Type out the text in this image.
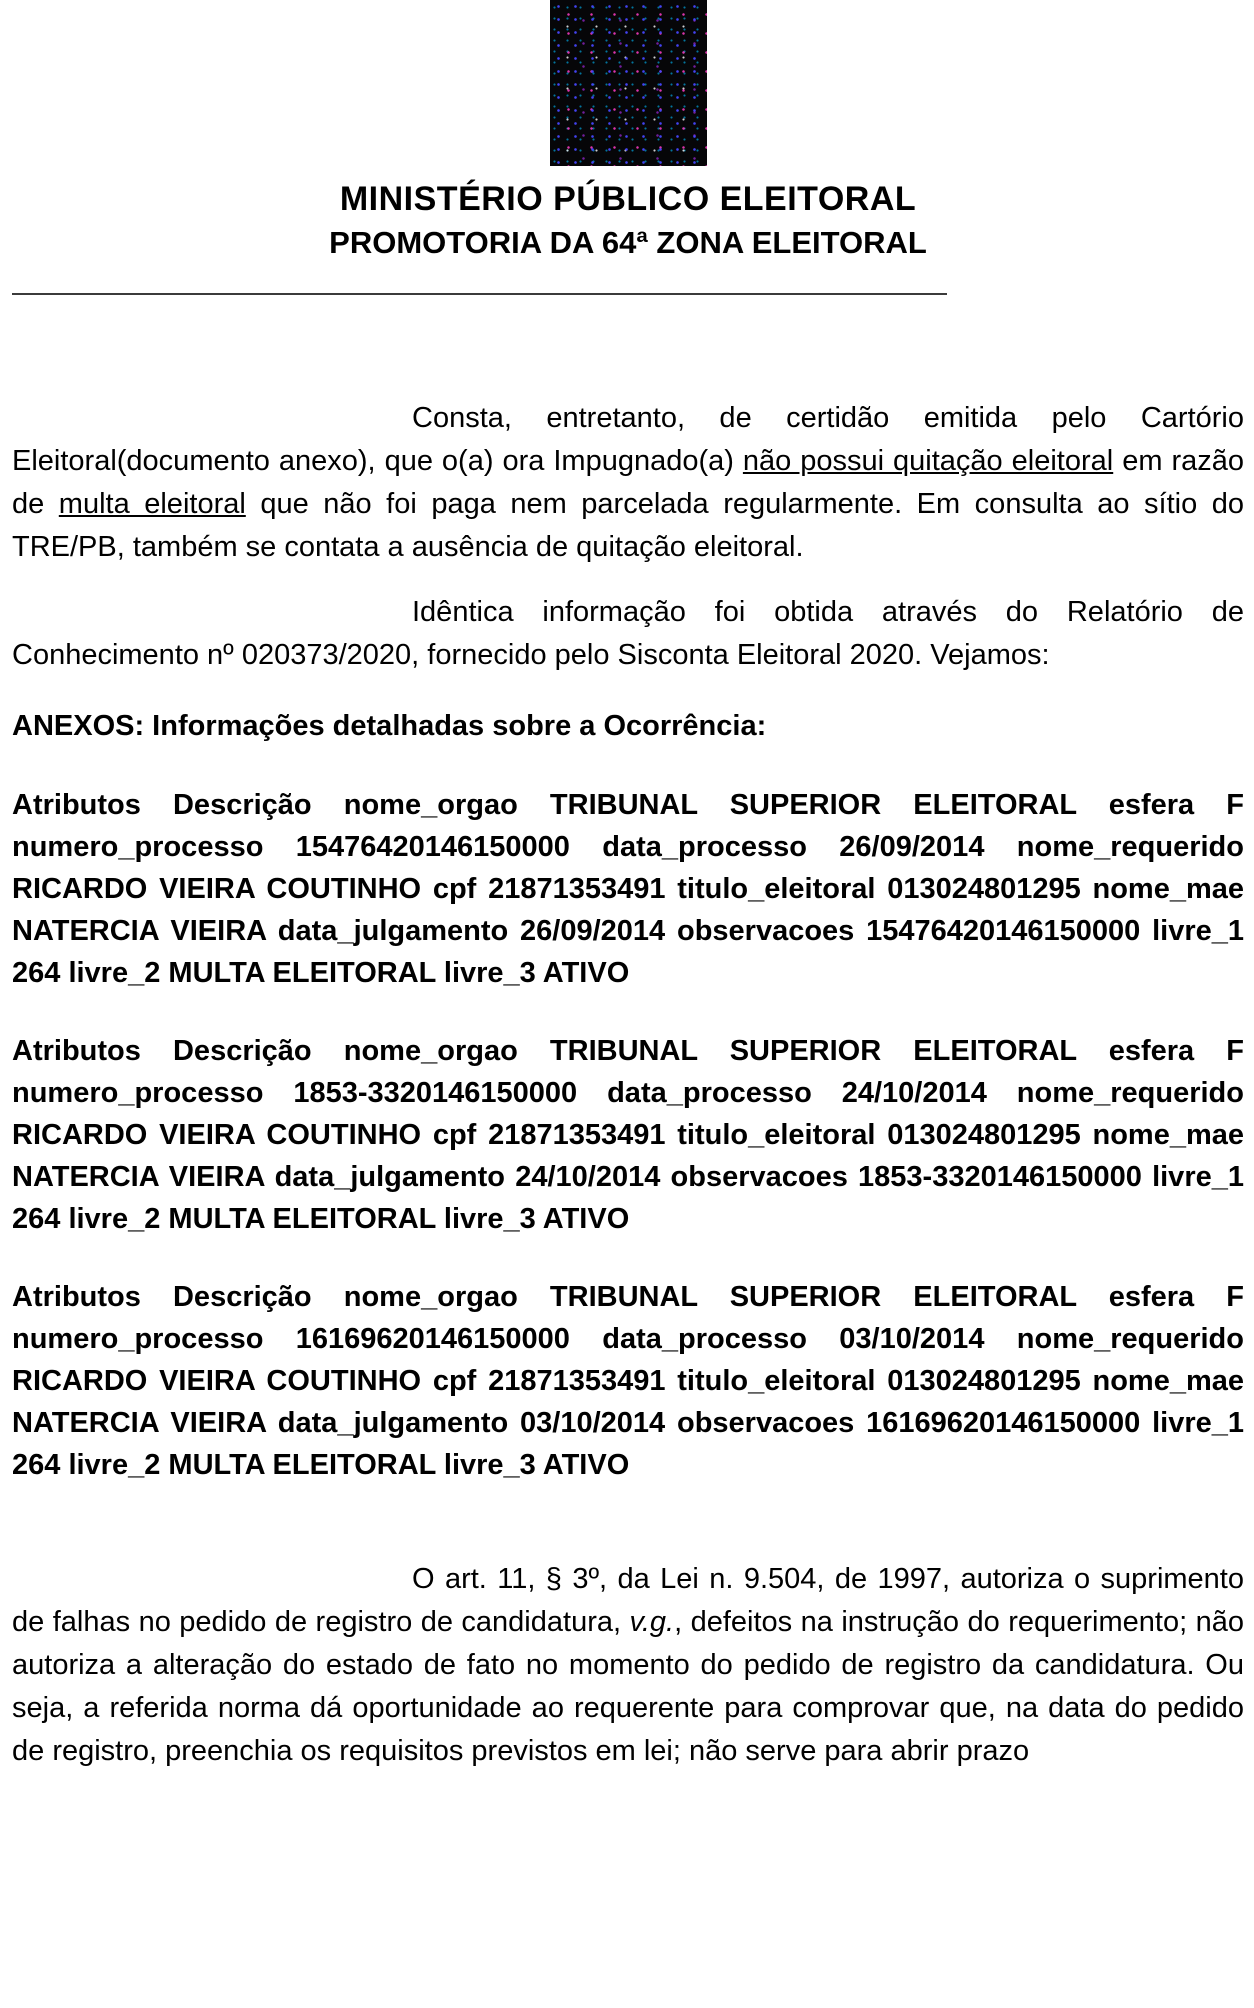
MINISTÉRIO PÚBLICO ELEITORAL
PROMOTORIA DA 64ª ZONA ELEITORAL

Consta, entretanto, de certidão emitida pelo Cartório Eleitoral(documento anexo), que o(a) ora Impugnado(a) não possui quitação eleitoral em razão de multa eleitoral que não foi paga nem parcelada regularmente. Em consulta ao sítio do TRE/PB, também se contata a ausência de quitação eleitoral.

Idêntica informação foi obtida através do Relatório de Conhecimento nº 020373/2020, fornecido pelo Sisconta Eleitoral 2020. Vejamos:

ANEXOS: Informações detalhadas sobre a Ocorrência:

Atributos Descrição nome_orgao TRIBUNAL SUPERIOR ELEITORAL esfera F numero_processo 15476420146150000 data_processo 26/09/2014 nome_requerido RICARDO VIEIRA COUTINHO cpf 21871353491 titulo_eleitoral 013024801295 nome_mae NATERCIA VIEIRA data_julgamento 26/09/2014 observacoes 15476420146150000 livre_1 264 livre_2 MULTA ELEITORAL livre_3 ATIVO

Atributos Descrição nome_orgao TRIBUNAL SUPERIOR ELEITORAL esfera F numero_processo 1853-3320146150000 data_processo 24/10/2014 nome_requerido RICARDO VIEIRA COUTINHO cpf 21871353491 titulo_eleitoral 013024801295 nome_mae NATERCIA VIEIRA data_julgamento 24/10/2014 observacoes 1853-3320146150000 livre_1 264 livre_2 MULTA ELEITORAL livre_3 ATIVO

Atributos Descrição nome_orgao TRIBUNAL SUPERIOR ELEITORAL esfera F numero_processo 16169620146150000 data_processo 03/10/2014 nome_requerido RICARDO VIEIRA COUTINHO cpf 21871353491 titulo_eleitoral 013024801295 nome_mae NATERCIA VIEIRA data_julgamento 03/10/2014 observacoes 16169620146150000 livre_1 264 livre_2 MULTA ELEITORAL livre_3 ATIVO

O art. 11, § 3º, da Lei n. 9.504, de 1997, autoriza o suprimento de falhas no pedido de registro de candidatura, v.g., defeitos na instrução do requerimento; não autoriza a alteração do estado de fato no momento do pedido de registro da candidatura. Ou seja, a referida norma dá oportunidade ao requerente para comprovar que, na data do pedido de registro, preenchia os requisitos previstos em lei; não serve para abrir prazo
